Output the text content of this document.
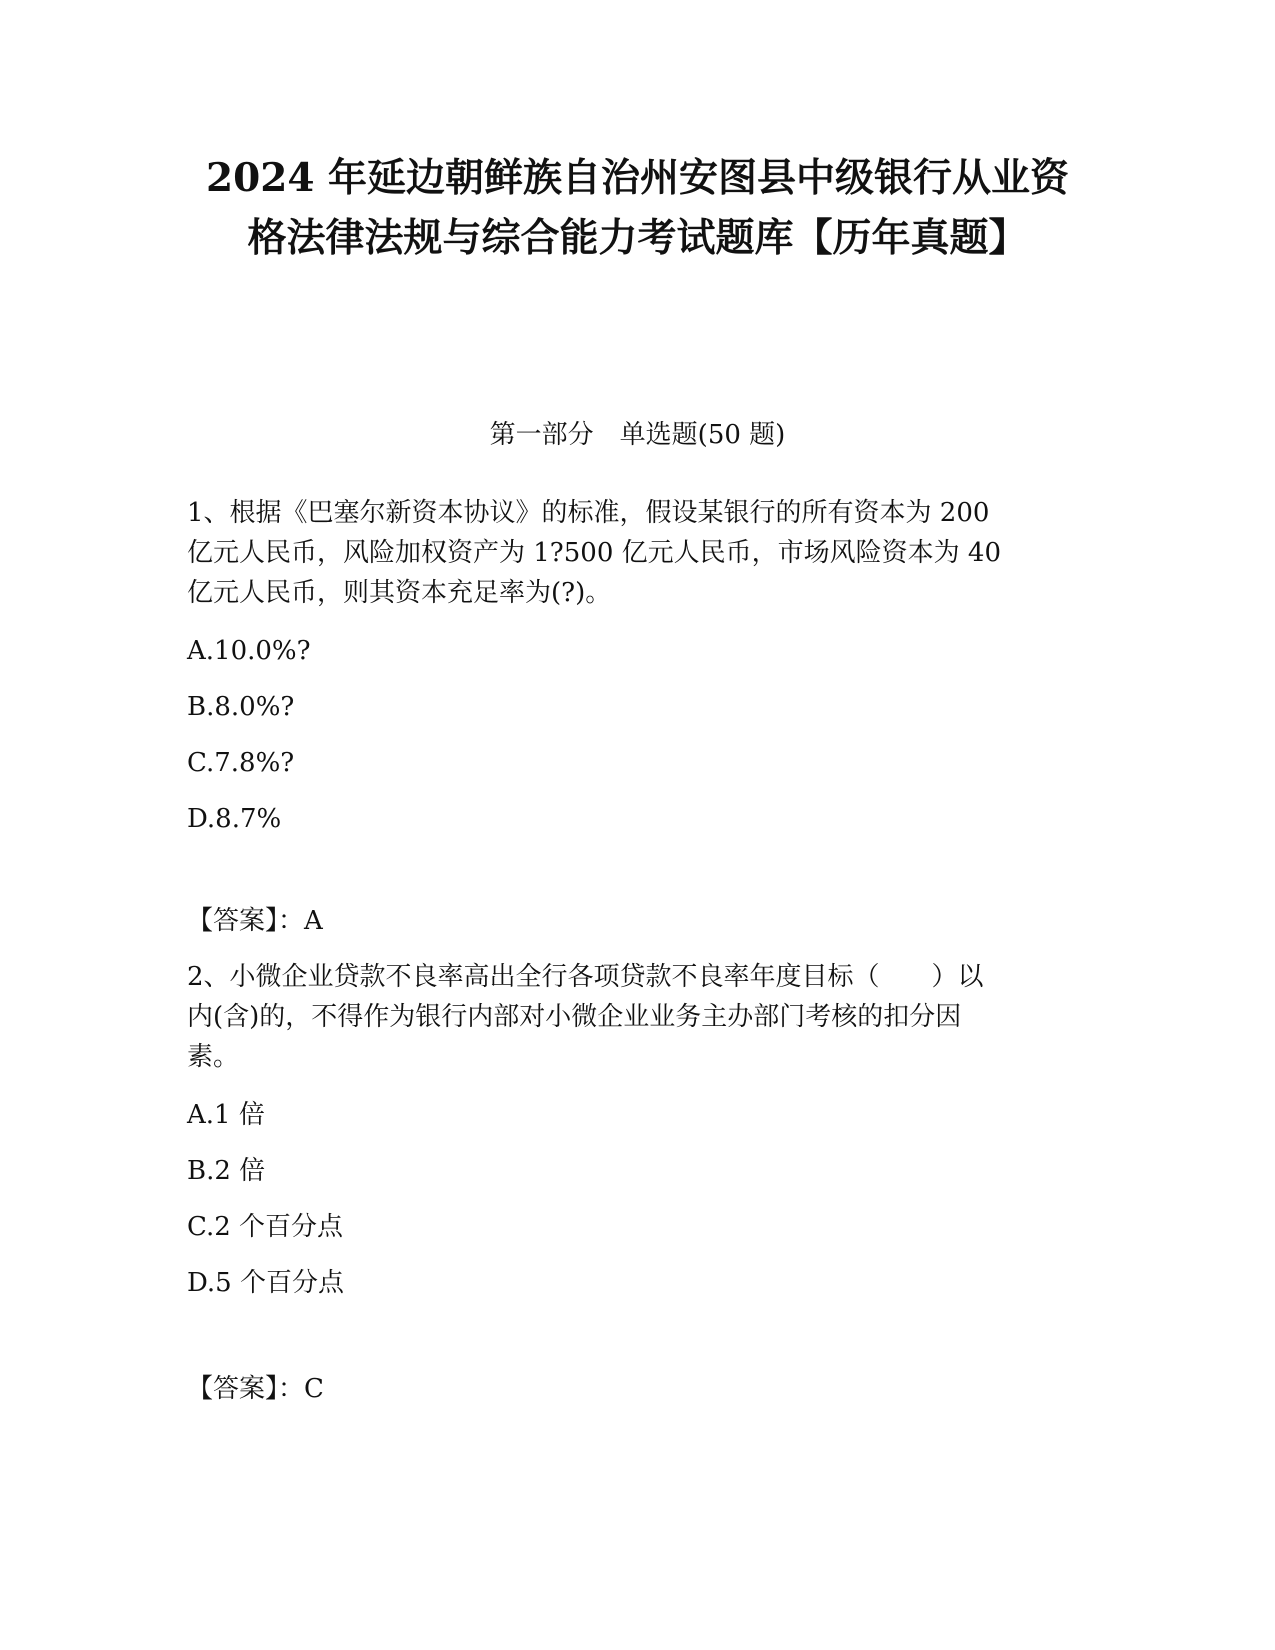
2024 年延边朝鲜族自治州安图县中级银行从业资
格法律法规与综合能力考试题库【历年真题】
第一部分　单选题(50 题)

1、根据《巴塞尔新资本协议》的标准，假设某银行的所有资本为 200

亿元人民币，风险加权资产为 1?500 亿元人民币，市场风险资本为 40

亿元人民币，则其资本充足率为(?)。

A.10.0%?
B.8.0%?
C.7.8%?
D.8.7%
【答案】：A

2、小微企业贷款不良率高出全行各项贷款不良率年度目标（　　）以

内(含)的，不得作为银行内部对小微企业业务主办部门考核的扣分因

素。

A.1 倍
B.2 倍
C.2 个百分点
D.5 个百分点
【答案】：C
